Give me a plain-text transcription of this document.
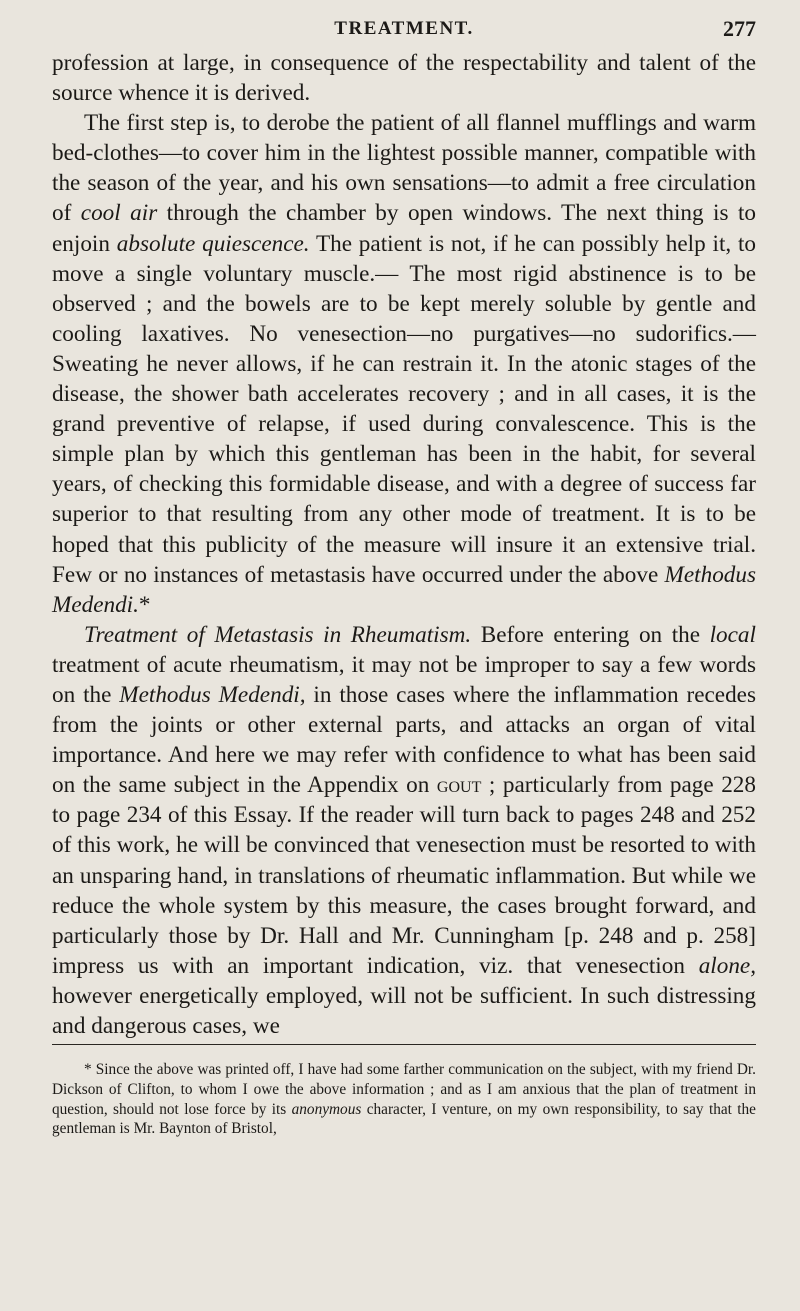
TREATMENT.	277

profession at large, in consequence of the respectability and talent of the source whence it is derived.

The first step is, to derobe the patient of all flannel mufflings and warm bed-clothes—to cover him in the lightest possible manner, compatible with the season of the year, and his own sensations—to admit a free circulation of cool air through the chamber by open windows. The next thing is to enjoin absolute quiescence. The patient is not, if he can possibly help it, to move a single voluntary muscle.— The most rigid abstinence is to be observed ; and the bowels are to be kept merely soluble by gentle and cooling laxatives. No venesection—no purgatives—no sudorifics.— Sweating he never allows, if he can restrain it. In the atonic stages of the disease, the shower bath accelerates recovery ; and in all cases, it is the grand preventive of relapse, if used during convalescence. This is the simple plan by which this gentleman has been in the habit, for several years, of checking this formidable disease, and with a degree of success far superior to that resulting from any other mode of treatment. It is to be hoped that this publicity of the measure will insure it an extensive trial. Few or no instances of metastasis have occurred under the above Methodus Medendi.*

Treatment of Metastasis in Rheumatism. Before entering on the local treatment of acute rheumatism, it may not be improper to say a few words on the Methodus Medendi, in those cases where the inflammation recedes from the joints or other external parts, and attacks an organ of vital importance. And here we may refer with confidence to what has been said on the same subject in the Appendix on gout ; particularly from page 228 to page 234 of this Essay. If the reader will turn back to pages 248 and 252 of this work, he will be convinced that venesection must be resorted to with an unsparing hand, in translations of rheumatic inflammation. But while we reduce the whole system by this measure, the cases brought forward, and particularly those by Dr. Hall and Mr. Cunningham [p. 248 and p. 258] impress us with an important indication, viz. that venesection alone, however energetically employed, will not be sufficient. In such distressing and dangerous cases, we

* Since the above was printed off, I have had some farther communication on the subject, with my friend Dr. Dickson of Clifton, to whom I owe the above information ; and as I am anxious that the plan of treatment in question, should not lose force by its anonymous character, I venture, on my own responsibility, to say that the gentleman is Mr. Baynton of Bristol,
